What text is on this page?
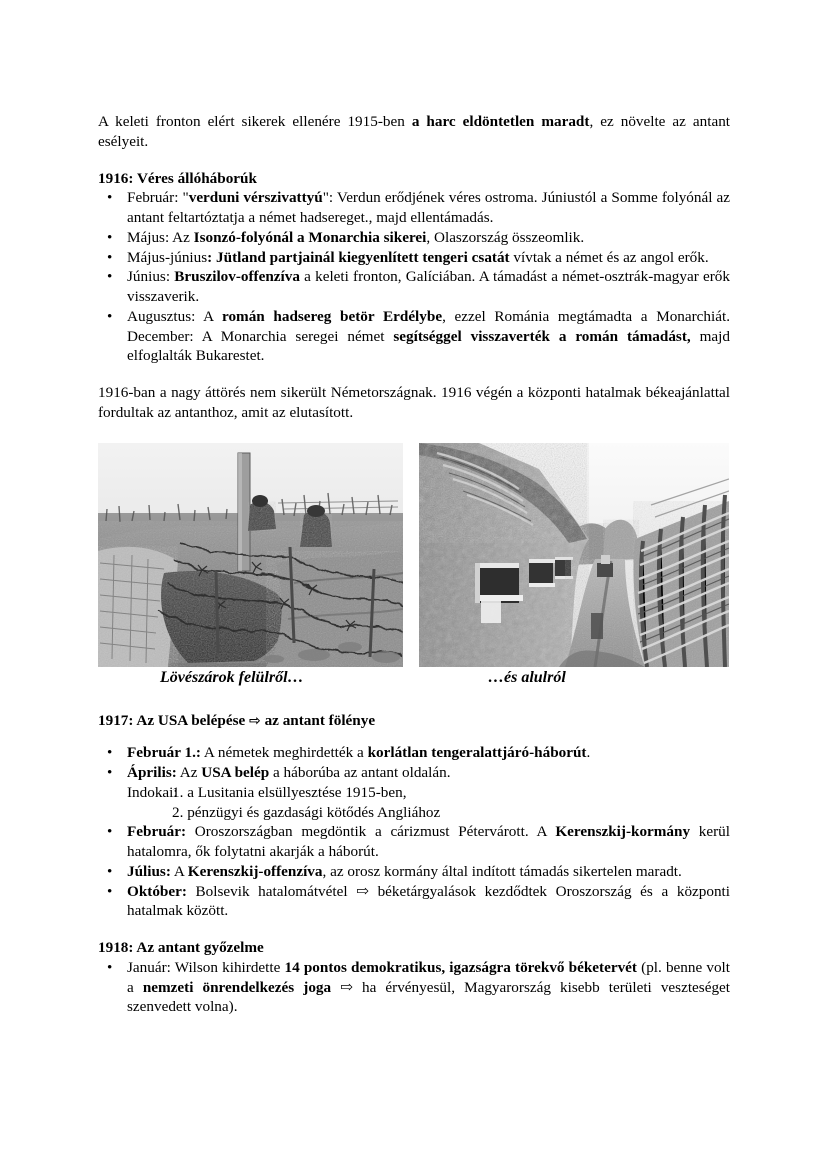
A keleti fronton elért sikerek ellenére 1915-ben a harc eldöntetlen maradt, ez növelte az antant esélyeit.

1916: Véres állóháborúk
• Február: "verduni vérszivattyú": Verdun erődjének véres ostroma. Júniustól a Somme folyónál az antant feltartóztatja a német hadsereget., majd ellentámadás.
• Május: Az Isonzó-folyónál a Monarchia sikerei, Olaszország összeomlik.
• Május-június: Jütland partjainál kiegyenlített tengeri csatát vívtak a német és az angol erők.
• Június: Bruszilov-offenzíva a keleti fronton, Galíciában. A támadást a német-osztrák-magyar erők visszaverik.
• Augusztus: A román hadsereg betör Erdélybe, ezzel Románia megtámadta a Monarchiát. December: A Monarchia seregei német segítséggel visszaverték a román támadást, majd elfoglalták Bukarestet.

1916-ban a nagy áttörés nem sikerült Németországnak. 1916 végén a központi hatalmak békeajánlattal fordultak az antanthoz, amit az elutasított.

Lövészárok felülről…	…és alulról
1917: Az USA belépése ⇨ az antant fölénye
• Február 1.: A németek meghirdették a korlátlan tengeralattjáró-háborút.
• Április: Az USA belép a háborúba az antant oldalán.
Indokai:1. a Lusitania elsüllyesztése 1915-ben,
2. pénzügyi és gazdasági kötődés Angliához
• Február: Oroszországban megdöntik a cárizmust Pétervárott. A Kerenszkij-kormány kerül hatalomra, ők folytatni akarják a háborút.
• Július: A Kerenszkij-offenzíva, az orosz kormány által indított támadás sikertelen maradt.
• Október: Bolsevik hatalomátvétel ⇨ béketárgyalások kezdődtek Oroszország és a központi hatalmak között.
1918: Az antant győzelme
• Január: Wilson kihirdette 14 pontos demokratikus, igazságra törekvő béketervét (pl. benne volt a nemzeti önrendelkezés joga ⇨ ha érvényesül, Magyarország kisebb területi veszteséget szenvedett volna).
